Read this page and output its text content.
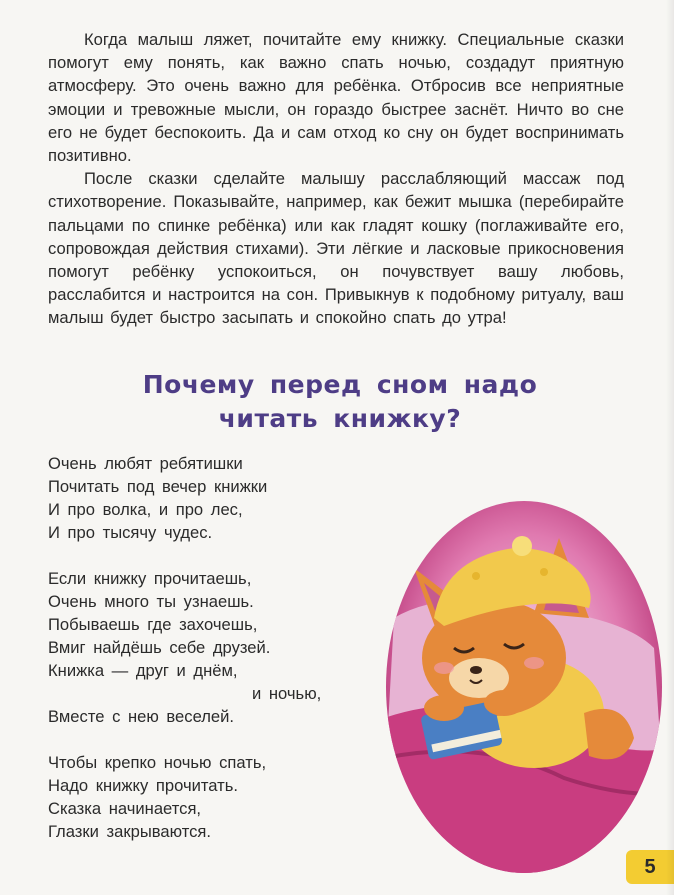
Когда малыш ляжет, почитайте ему книжку. Специальные сказки помогут ему понять, как важно спать ночью, создадут приятную атмосферу. Это очень важно для ребёнка. Отбросив все неприятные эмоции и тревожные мысли, он гораздо быстрее заснёт. Ничто во сне его не будет беспокоить. Да и сам отход ко сну он будет воспринимать позитивно.

После сказки сделайте малышу расслабляющий массаж под стихотворение. Показывайте, например, как бежит мышка (перебирайте пальцами по спинке ребёнка) или как гладят кошку (поглаживайте его, сопровождая действия стихами). Эти лёгкие и ласковые прикосновения помогут ребёнку успокоиться, он почувствует вашу любовь, расслабится и настроится на сон. Привыкнув к подобному ритуалу, ваш малыш будет быстро засыпать и спокойно спать до утра!

Почему перед сном надо
читать книжку?
Очень любят ребятишки
Почитать под вечер книжки
И про волка, и про лес,
И про тысячу чудес.
Если книжку прочитаешь,
Очень много ты узнаешь.
Побываешь где захочешь,
Вмиг найдёшь себе друзей.
Книжка — друг и днём,
и ночью,
Вместе с нею веселей.
Чтобы крепко ночью спать,
Надо книжку прочитать.
Сказка начинается,
Глазки закрываются.
5
